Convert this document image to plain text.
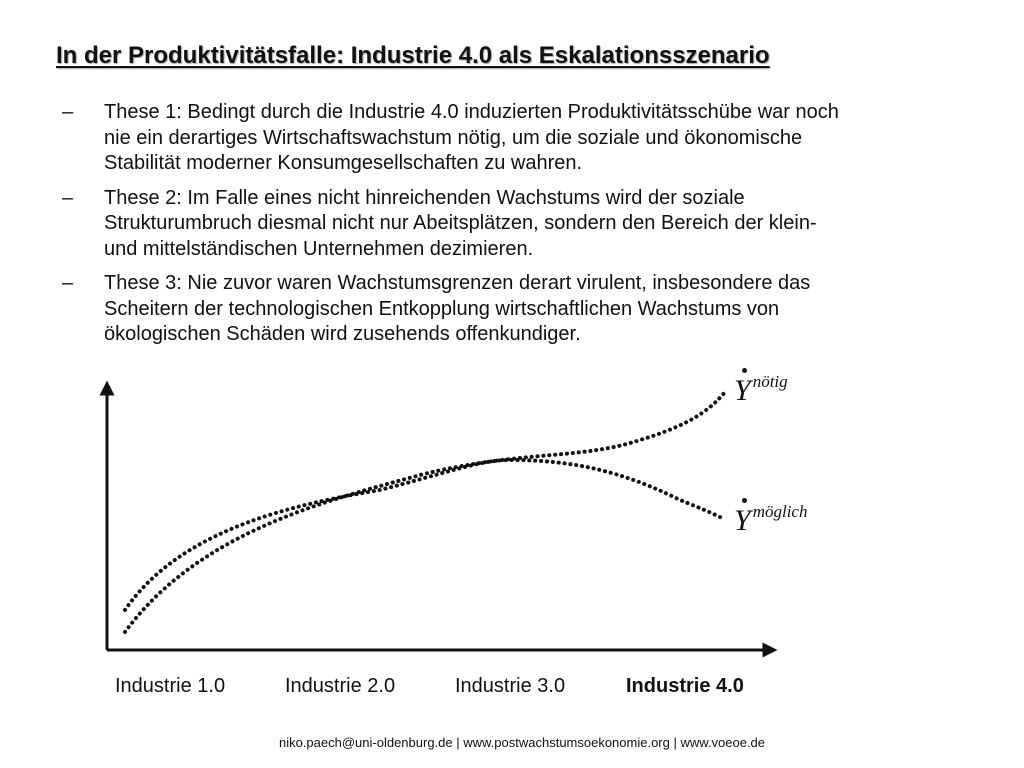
In der Produktivitätsfalle: Industrie 4.0 als Eskalationsszenario
– These 1: Bedingt durch die Industrie 4.0 induzierten Produktivitätsschübe war noch
nie ein derartiges Wirtschaftswachstum nötig, um die soziale und ökonomische
Stabilität moderner Konsumgesellschaften zu wahren.
– These 2: Im Falle eines nicht hinreichenden Wachstums wird der soziale
Strukturumbruch diesmal nicht nur Abeitsplätzen, sondern den Bereich der klein-
und mittelständischen Unternehmen dezimieren.
– These 3: Nie zuvor waren Wachstumsgrenzen derart virulent, insbesondere das
Scheitern der technologischen Entkopplung wirtschaftlichen Wachstums von
ökologischen Schäden wird zusehends offenkundiger.
Y $^{nötig}$
Y $^{möglich}$
Industrie 1.0	Industrie 2.0	Industrie 3.0	Industrie 4.0
niko.paech@uni-oldenburg.de | www.postwachstumsoekonomie.org | www.voeoe.de
